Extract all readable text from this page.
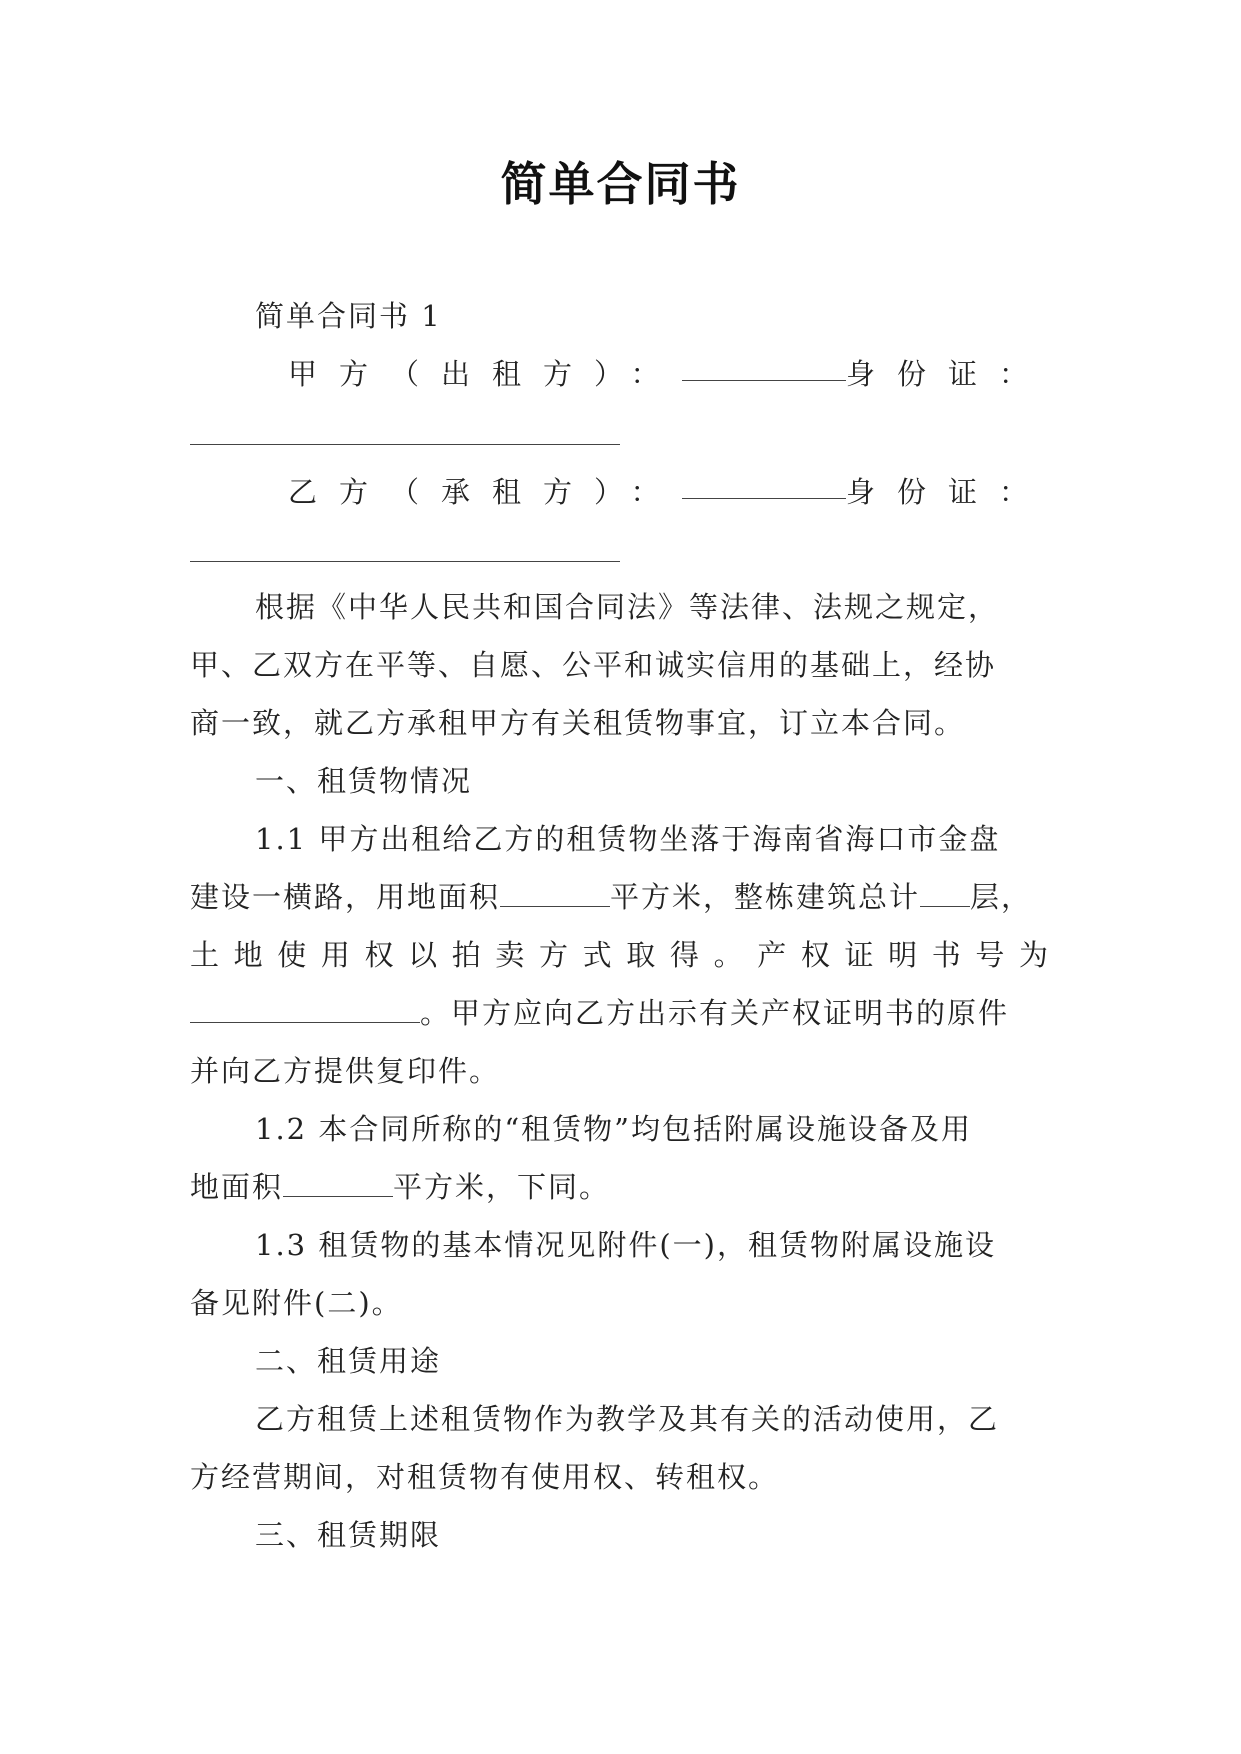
简单合同书
简单合同书 1
甲方（出租方）：	身份证：
乙方（承租方）：	身份证：
根据《中华人民共和国合同法》等法律、法规之规定，
甲、乙双方在平等、自愿、公平和诚实信用的基础上，经协
商一致，就乙方承租甲方有关租赁物事宜，订立本合同。
一、租赁物情况
1.1 甲方出租给乙方的租赁物坐落于海南省海口市金盘
建设一横路，用地面积	平方米，整栋建筑总计 层，
土地使用权以拍卖方式取得。产权证明书号为
。甲方应向乙方出示有关产权证明书的原件
并向乙方提供复印件。
1.2 本合同所称的“租赁物”均包括附属设施设备及用
地面积	平方米，下同。
1.3 租赁物的基本情况见附件(一)，租赁物附属设施设
备见附件(二)。
二、租赁用途
乙方租赁上述租赁物作为教学及其有关的活动使用，乙
方经营期间，对租赁物有使用权、转租权。
三、租赁期限
